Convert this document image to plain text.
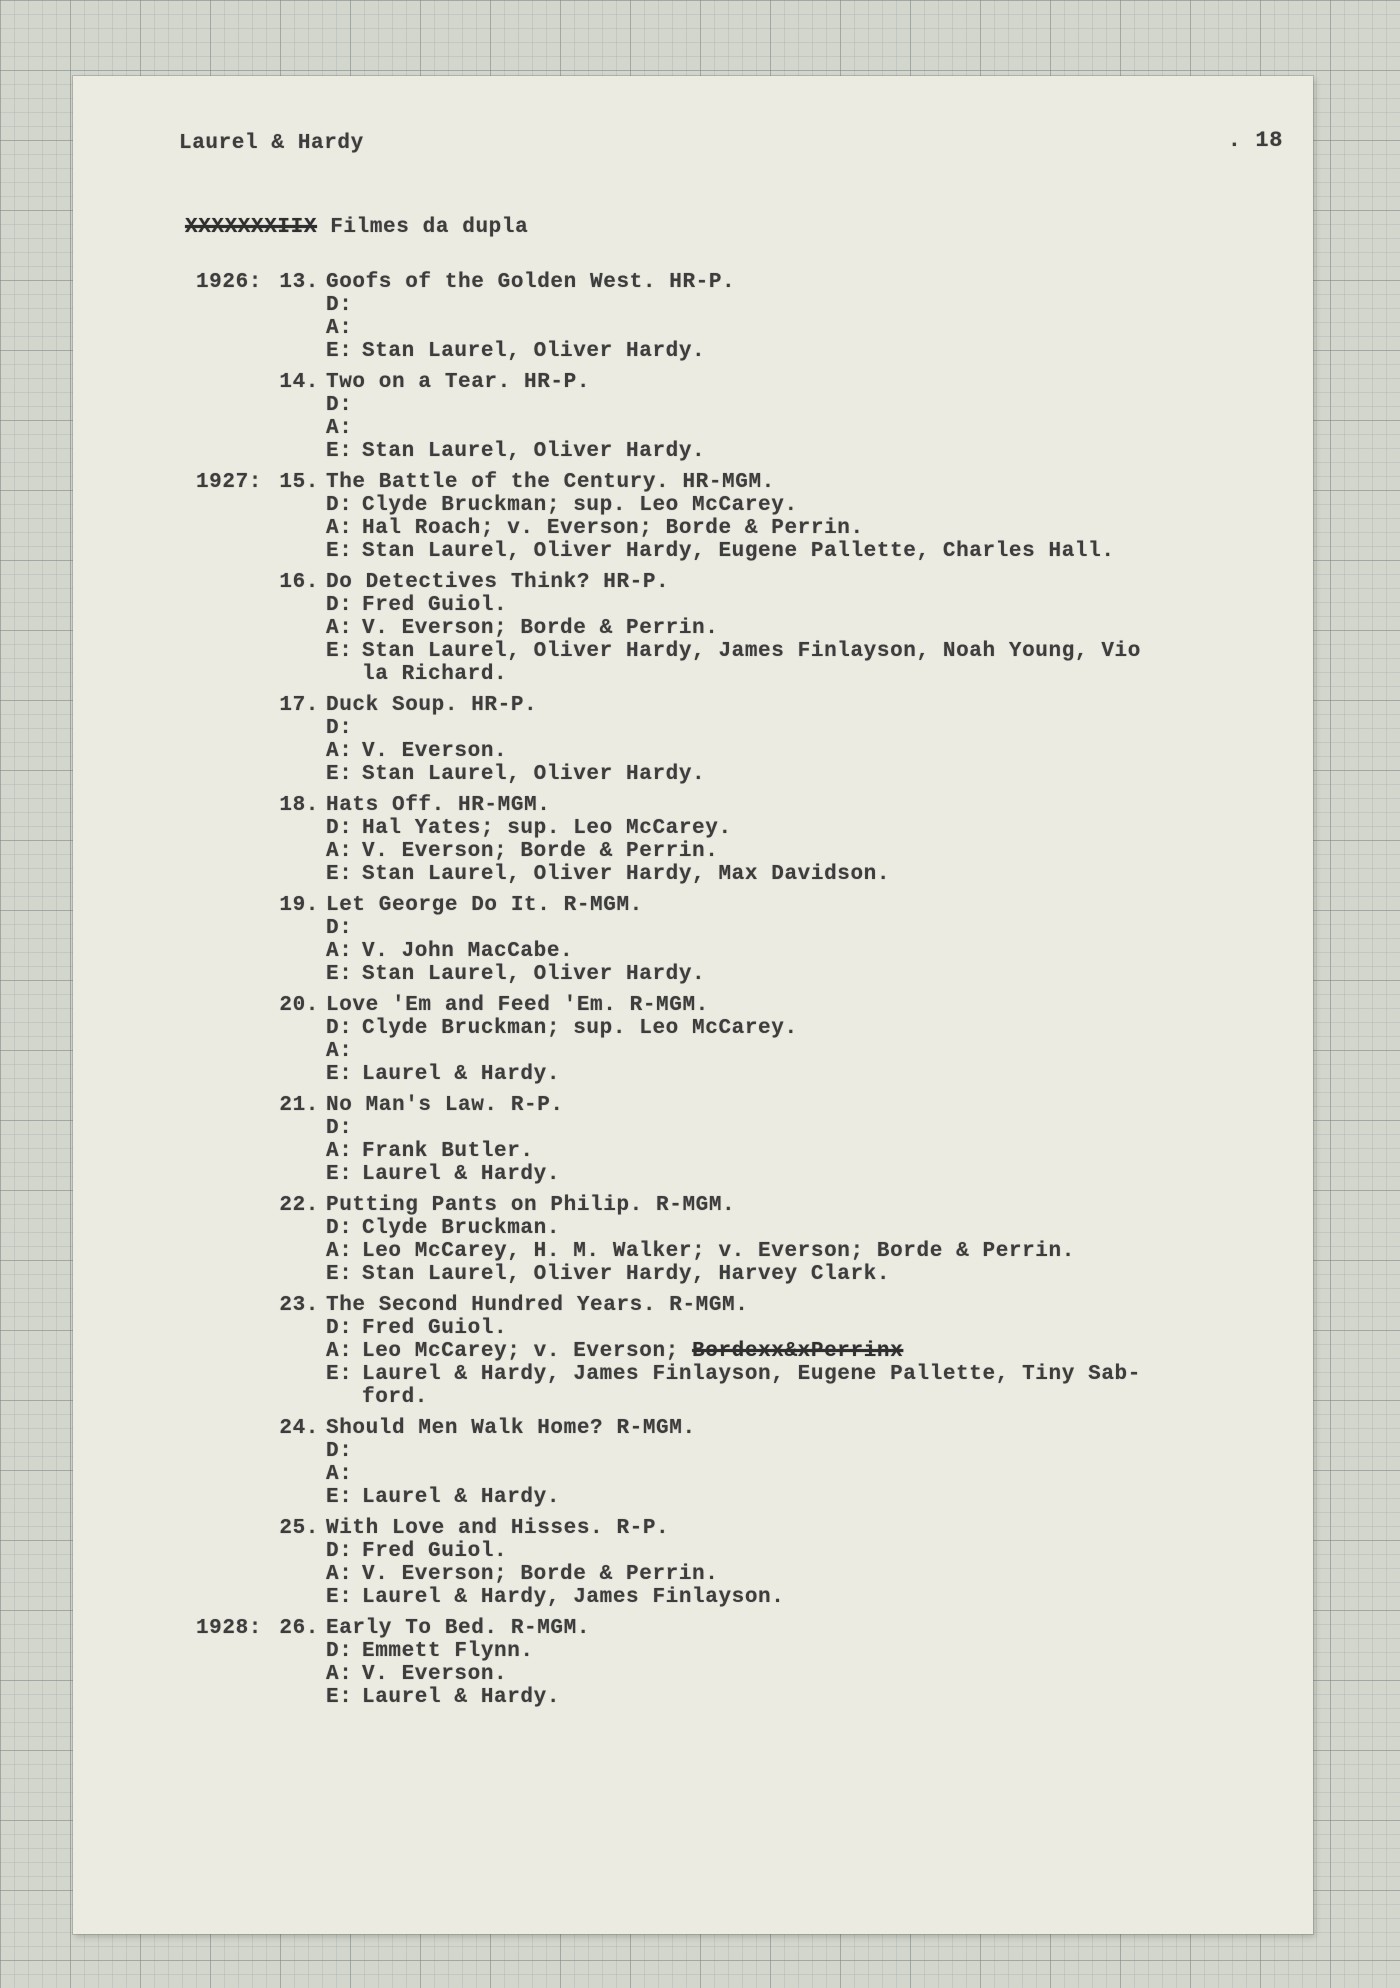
Laurel & Hardy	. 18
XXXXXXXIIX Filmes da dupla
1926: 13. Goofs of the Golden West. HR-P.
D:
A:
E: Stan Laurel, Oliver Hardy.
14. Two on a Tear. HR-P.
D:
A:
E: Stan Laurel, Oliver Hardy.
1927: 15. The Battle of the Century. HR-MGM.
D: Clyde Bruckman; sup. Leo McCarey.
A: Hal Roach; v. Everson; Borde & Perrin.
E: Stan Laurel, Oliver Hardy, Eugene Pallette, Charles Hall.
16. Do Detectives Think? HR-P.
D: Fred Guiol.
A: V. Everson; Borde & Perrin.
E: Stan Laurel, Oliver Hardy, James Finlayson, Noah Young, Vio
la Richard.
17. Duck Soup. HR-P.
D:
A: V. Everson.
E: Stan Laurel, Oliver Hardy.
18. Hats Off. HR-MGM.
D: Hal Yates; sup. Leo McCarey.
A: V. Everson; Borde & Perrin.
E: Stan Laurel, Oliver Hardy, Max Davidson.
19. Let George Do It. R-MGM.
D:
A: V. John MacCabe.
E: Stan Laurel, Oliver Hardy.
20. Love 'Em and Feed 'Em. R-MGM.
D: Clyde Bruckman; sup. Leo McCarey.
A:
E: Laurel & Hardy.
21. No Man's Law. R-P.
D:
A: Frank Butler.
E: Laurel & Hardy.
22. Putting Pants on Philip. R-MGM.
D: Clyde Bruckman.
A: Leo McCarey, H. M. Walker; v. Everson; Borde & Perrin.
E: Stan Laurel, Oliver Hardy, Harvey Clark.
23. The Second Hundred Years. R-MGM.
D: Fred Guiol.
A: Leo McCarey; v. Everson; Bordexx&xPerrinx
E: Laurel & Hardy, James Finlayson, Eugene Pallette, Tiny Sab-
ford.
24. Should Men Walk Home? R-MGM.
D:
A:
E: Laurel & Hardy.
25. With Love and Hisses. R-P.
D: Fred Guiol.
A: V. Everson; Borde & Perrin.
E: Laurel & Hardy, James Finlayson.
1928: 26. Early To Bed. R-MGM.
D: Emmett Flynn.
A: V. Everson.
E: Laurel & Hardy.
